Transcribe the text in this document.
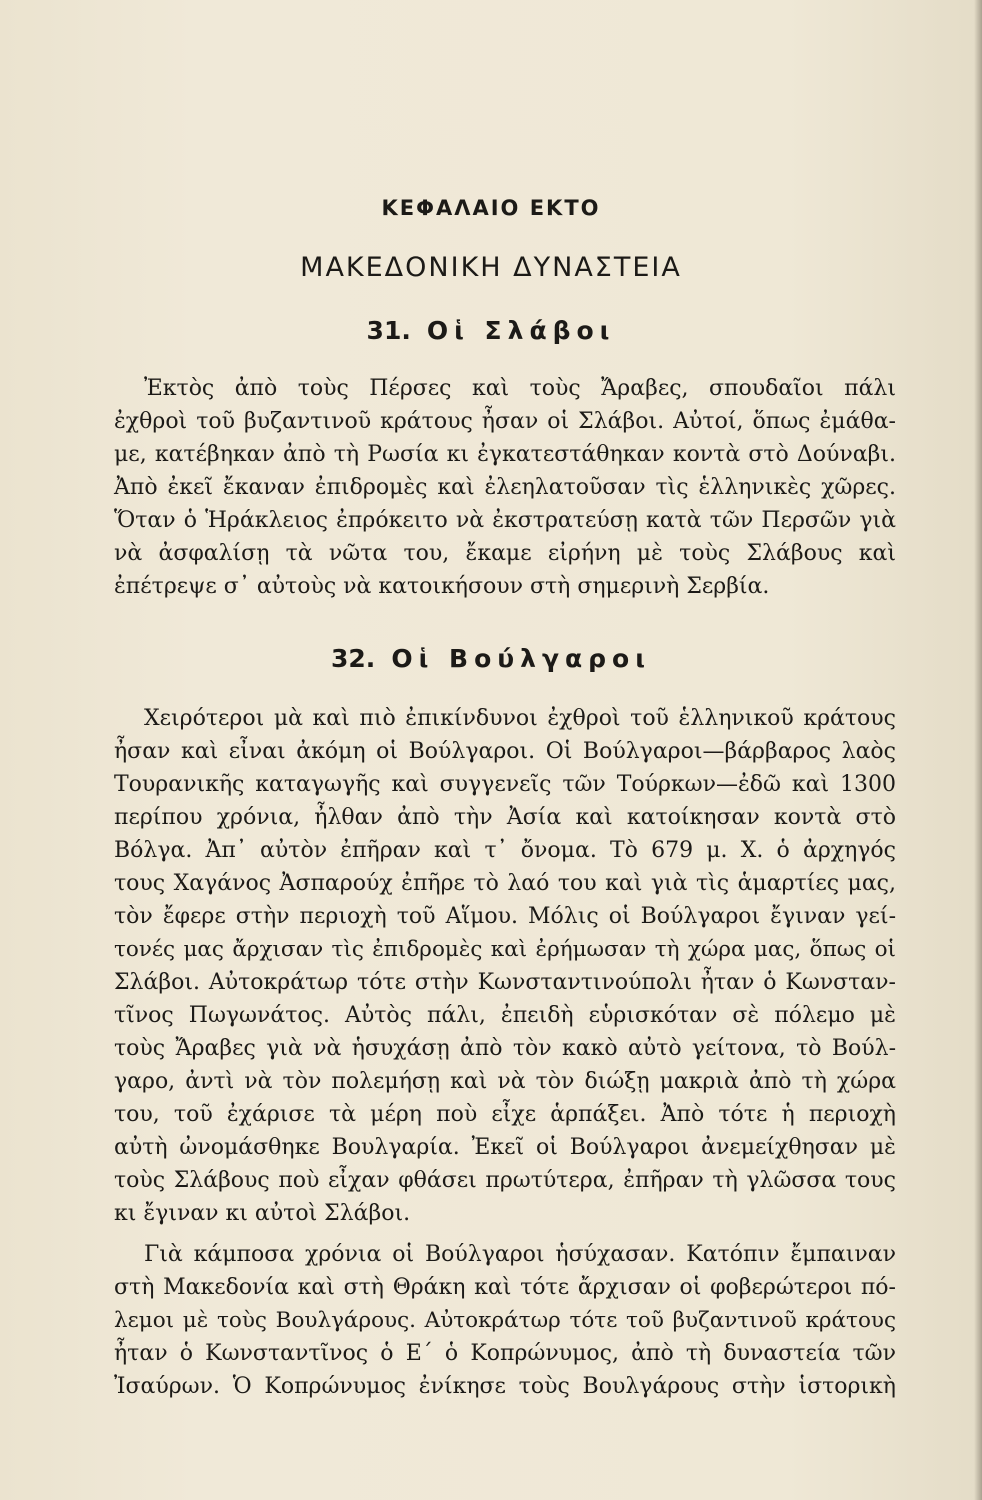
ΚΕΦΑΛΑΙΟ ΕΚΤΟ
ΜΑΚΕΔΟΝΙΚΗ ΔΥΝΑΣΤΕΙΑ
31. Οἱ Σλάβοι
Ἐκτὸς ἀπὸ τοὺς Πέρσες καὶ τοὺς Ἄραβες, σπουδαῖοι πάλι
ἐχθροὶ τοῦ βυζαντινοῦ κράτους ἦσαν οἱ Σλάβοι. Αὐτοί, ὅπως ἐμάθα-
με, κατέβηκαν ἀπὸ τὴ Ρωσία κι ἐγκατεστάθηκαν κοντὰ στὸ Δούναβι.
Ἀπὸ ἐκεῖ ἔκαναν ἐπιδρομὲς καὶ ἐλεηλατοῦσαν τὶς ἑλληνικὲς χῶρες.
Ὅταν ὁ Ἡράκλειος ἐπρόκειτο νὰ ἐκστρατεύσῃ κατὰ τῶν Περσῶν γιὰ
νὰ ἀσφαλίσῃ τὰ νῶτα του, ἔκαμε εἰρήνη μὲ τοὺς Σλάβους καὶ
ἐπέτρεψε σ᾿ αὐτοὺς νὰ κατοικήσουν στὴ σημερινὴ Σερβία.
32. Οἱ Βούλγαροι
Χειρότεροι μὰ καὶ πιὸ ἐπικίνδυνοι ἐχθροὶ τοῦ ἑλληνικοῦ κράτους
ἦσαν καὶ εἶναι ἀκόμη οἱ Βούλγαροι. Οἱ Βούλγαροι—βάρβαρος λαὸς
Τουρανικῆς καταγωγῆς καὶ συγγενεῖς τῶν Τούρκων—ἐδῶ καὶ 1300
περίπου χρόνια, ἦλθαν ἀπὸ τὴν Ἀσία καὶ κατοίκησαν κοντὰ στὸ
Βόλγα. Ἀπ᾿ αὐτὸν ἐπῆραν καὶ τ᾿ ὄνομα. Τὸ 679 μ. Χ. ὁ ἀρχηγός
τους Χαγάνος Ἀσπαρούχ ἐπῆρε τὸ λαό του καὶ γιὰ τὶς ἁμαρτίες μας,
τὸν ἔφερε στὴν περιοχὴ τοῦ Αἵμου. Μόλις οἱ Βούλγαροι ἔγιναν γεί-
τονές μας ἄρχισαν τὶς ἐπιδρομὲς καὶ ἐρήμωσαν τὴ χώρα μας, ὅπως οἱ
Σλάβοι. Αὐτοκράτωρ τότε στὴν Κωνσταντινούπολι ἦταν ὁ Κωνσταν-
τῖνος Πωγωνάτος. Αὐτὸς πάλι, ἐπειδὴ εὑρισκόταν σὲ πόλεμο μὲ
τοὺς Ἄραβες γιὰ νὰ ἡσυχάσῃ ἀπὸ τὸν κακὸ αὐτὸ γείτονα, τὸ Βούλ-
γαρο, ἀντὶ νὰ τὸν πολεμήσῃ καὶ νὰ τὸν διώξῃ μακριὰ ἀπὸ τὴ χώρα
του, τοῦ ἐχάρισε τὰ μέρη ποὺ εἶχε ἁρπάξει. Ἀπὸ τότε ἡ περιοχὴ
αὐτὴ ὠνομάσθηκε Βουλγαρία. Ἐκεῖ οἱ Βούλγαροι ἀνεμείχθησαν μὲ
τοὺς Σλάβους ποὺ εἶχαν φθάσει πρωτύτερα, ἐπῆραν τὴ γλῶσσα τους
κι ἔγιναν κι αὐτοὶ Σλάβοι.
Γιὰ κάμποσα χρόνια οἱ Βούλγαροι ἡσύχασαν. Κατόπιν ἔμπαιναν
στὴ Μακεδονία καὶ στὴ Θράκη καὶ τότε ἄρχισαν οἱ φοβερώτεροι πό-
λεμοι μὲ τοὺς Βουλγάρους. Αὐτοκράτωρ τότε τοῦ βυζαντινοῦ κράτους
ἦταν ὁ Κωνσταντῖνος ὁ Ε΄ ὁ Κοπρώνυμος, ἀπὸ τὴ δυναστεία τῶν
Ἰσαύρων. Ὁ Κοπρώνυμος ἐνίκησε τοὺς Βουλγάρους στὴν ἱστορικὴ
